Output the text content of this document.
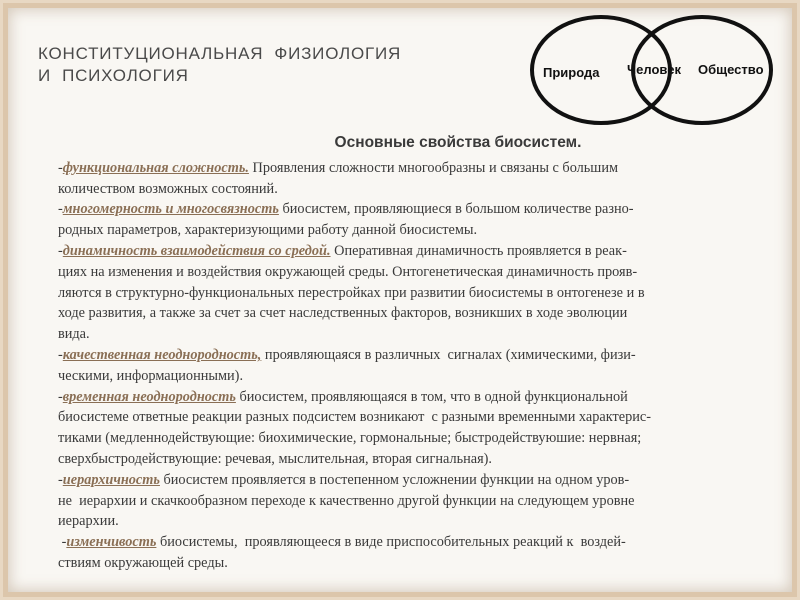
КОНСТИТУЦИОНАЛЬНАЯ  ФИЗИОЛОГИЯ
И  ПСИХОЛОГИЯ	Природа Человек Общество
Основные свойства биосистем.
-функциональная сложность. Проявления сложности многообразны и связаны с большим
количеством возможных состояний.
-многомерность и многосвязность биосистем, проявляющиеся в большом количестве разно-
родных параметров, характеризующими работу данной биосистемы.
-динамичность взаимодействия со средой. Оперативная динамичность проявляется в реак-
циях на изменения и воздействия окружающей среды. Онтогенетическая динамичность прояв-
ляются в структурно-функциональных перестройках при развитии биосистемы в онтогенезе и в
ходе развития, а также за счет за счет наследственных факторов, возникших в ходе эволюции
вида.
-качественная неоднородность, проявляющаяся в различных  сигналах (химическими, физи-
ческими, информационными).
-временная неоднородность биосистем, проявляющаяся в том, что в одной функциональной
биосистеме ответные реакции разных подсистем возникают  с разными временными характерис-
тиками (медленнодействующие: биохимические, гормональные; быстродействуюшие: нервная;
сверхбыстродействующие: речевая, мыслительная, вторая сигнальная).
-иерархичность биосистем проявляется в постепенном усложнении функции на одном уров-
не  иерархии и скачкообразном переходе к качественно другой функции на следующем уровне
иерархии.
-изменчивость биосистемы,  проявляющееся в виде приспособительных реакций к  воздей-
ствиям окружающей среды.
